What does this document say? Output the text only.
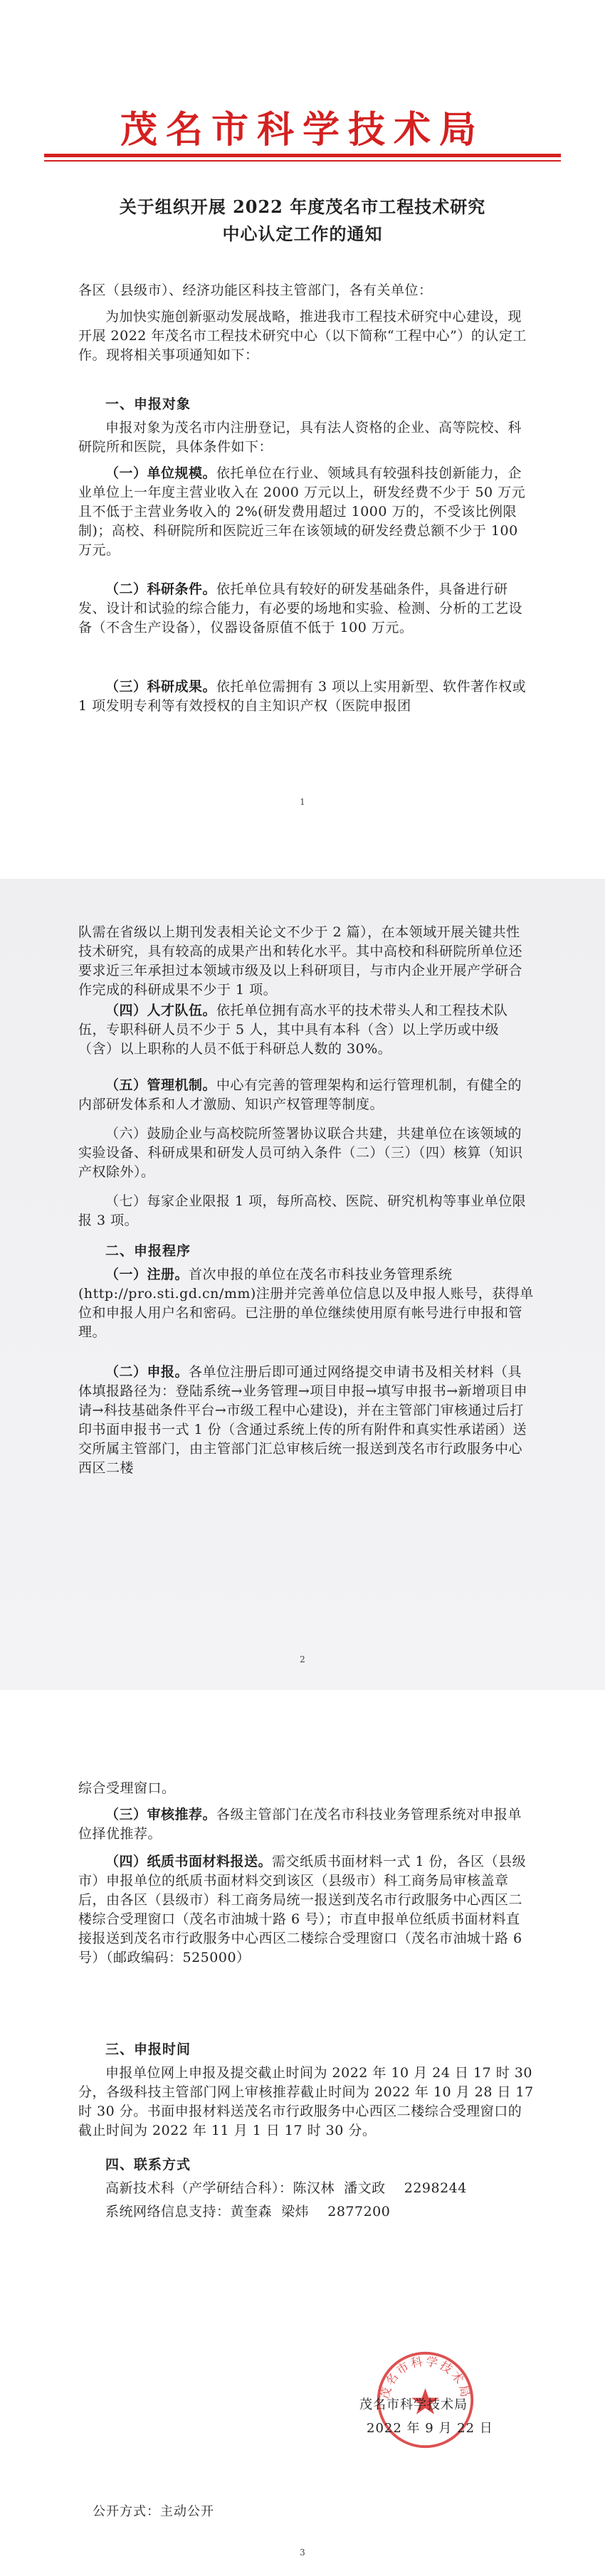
茂名市科学技术局
关于组织开展 2022 年度茂名市工程技术研究
中心认定工作的通知

各区（县级市）、经济功能区科技主管部门，各有关单位：

为加快实施创新驱动发展战略，推进我市工程技术研究中心建设，现开展 2022 年茂名市工程技术研究中心（以下简称“工程中心”）的认定工作。现将相关事项通知如下：

一、申报对象

申报对象为茂名市内注册登记，具有法人资格的企业、高等院校、科研院所和医院，具体条件如下：

（一）单位规模。依托单位在行业、领域具有较强科技创新能力，企业单位上一年度主营业收入在 2000 万元以上，研发经费不少于 50 万元且不低于主营业务收入的 2%(研发费用超过 1000 万的，不受该比例限制)；高校、科研院所和医院近三年在该领域的研发经费总额不少于 100 万元。

（二）科研条件。依托单位具有较好的研发基础条件，具备进行研发、设计和试验的综合能力，有必要的场地和实验、检测、分析的工艺设备（不含生产设备），仪器设备原值不低于 100 万元。

（三）科研成果。依托单位需拥有 3 项以上实用新型、软件著作权或 1 项发明专利等有效授权的自主知识产权（医院申报团

1

队需在省级以上期刊发表相关论文不少于 2 篇），在本领域开展关键共性技术研究，具有较高的成果产出和转化水平。其中高校和科研院所单位还要求近三年承担过本领域市级及以上科研项目，与市内企业开展产学研合作完成的科研成果不少于 1 项。

（四）人才队伍。依托单位拥有高水平的技术带头人和工程技术队伍，专职科研人员不少于 5 人，其中具有本科（含）以上学历或中级（含）以上职称的人员不低于科研总人数的 30%。

（五）管理机制。中心有完善的管理架构和运行管理机制，有健全的内部研发体系和人才激励、知识产权管理等制度。

（六）鼓励企业与高校院所签署协议联合共建，共建单位在该领域的实验设备、科研成果和研发人员可纳入条件（二）（三）（四）核算（知识产权除外）。

（七）每家企业限报 1 项，每所高校、医院、研究机构等事业单位限报 3 项。

二、申报程序

（一）注册。首次申报的单位在茂名市科技业务管理系统(http://pro.sti.gd.cn/mm)注册并完善单位信息以及申报人账号，获得单位和申报人用户名和密码。已注册的单位继续使用原有帐号进行申报和管理。

（二）申报。各单位注册后即可通过网络提交申请书及相关材料（具体填报路径为：登陆系统→业务管理→项目申报→填写申报书→新增项目申请→科技基础条件平台→市级工程中心建设)，并在主管部门审核通过后打印书面申报书一式 1 份（含通过系统上传的所有附件和真实性承诺函）送交所属主管部门，由主管部门汇总审核后统一报送到茂名市行政服务中心西区二楼

2

综合受理窗口。

（三）审核推荐。各级主管部门在茂名市科技业务管理系统对申报单位择优推荐。

（四）纸质书面材料报送。需交纸质书面材料一式 1 份，各区（县级市）申报单位的纸质书面材料交到该区（县级市）科工商务局审核盖章后，由各区（县级市）科工商务局统一报送到茂名市行政服务中心西区二楼综合受理窗口（茂名市油城十路 6 号）；市直申报单位纸质书面材料直接报送到茂名市行政服务中心西区二楼综合受理窗口（茂名市油城十路 6 号）（邮政编码：525000）

三、申报时间

申报单位网上申报及提交截止时间为 2022 年 10 月 24 日 17 时 30 分，各级科技主管部门网上审核推荐截止时间为 2022 年 10 月 28 日 17 时 30 分。书面申报材料送茂名市行政服务中心西区二楼综合受理窗口的截止时间为 2022 年 11 月 1 日 17 时 30 分。

四、联系方式

高新技术科（产学研结合科）：陈汉林  潘文政    2298244

系统网络信息支持：黄奎森  梁炜    2877200

3
茂名市科学技术局
茂名市科学技术局
2022 年 9 月 22 日
公开方式：主动公开
